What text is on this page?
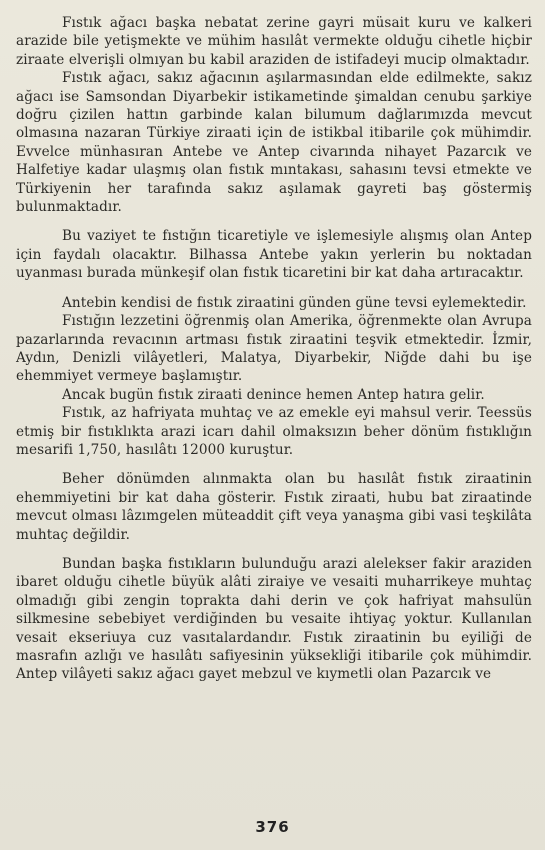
Fıstık ağacı başka nebatat zerine gayri müsait kuru ve kalkeri arazide bile yetişmekte ve mühim hasılât vermekte olduğu cihetle hiçbir ziraate elverişli olmıyan bu kabil araziden de istifadeyi mucip olmaktadır.

Fıstık ağacı, sakız ağacının aşılarmasından elde edilmekte, sakız ağacı ise Samsondan Diyarbekir istikametinde şimaldan cenubu şarkiye doğru çizilen hattın garbinde kalan bilumum dağlarımızda mevcut olmasına nazaran Türkiye ziraati için de istikbal itibarile çok mühimdir. Evvelce münhasıran Antebe ve Antep civarında nihayet Pazarcık ve Halfetiye kadar ulaşmış olan fıstık mıntakası, sahasını tevsi etmekte ve Türkiyenin her tarafında sakız aşılamak gayreti baş göstermiş bulunmaktadır.

Bu vaziyet te fıstığın ticaretiyle ve işlemesiyle alışmış olan Antep için faydalı olacaktır. Bilhassa Antebe yakın yerlerin bu noktadan uyanması burada münkeşif olan fıstık ticaretini bir kat daha artıracaktır.

Antebin kendisi de fıstık ziraatini günden güne tevsi eylemektedir.

Fıstığın lezzetini öğrenmiş olan Amerika, öğrenmekte olan Avrupa pazarlarında revacının artması fıstık ziraatini teşvik etmektedir. İzmir, Aydın, Denizli vilâyetleri, Malatya, Diyarbekir, Niğde dahi bu işe ehemmiyet vermeye başlamıştır.

Ancak bugün fıstık ziraati denince hemen Antep hatıra gelir.

Fıstık, az hafriyata muhtaç ve az emekle eyi mahsul verir. Teessüs etmiş bir fıstıklıkta arazi icarı dahil olmaksızın beher dönüm fıstıklığın mesarifi 1,750, hasılâtı 12000 kuruştur.

Beher dönümden alınmakta olan bu hasılât fıstık ziraatinin ehemmiyetini bir kat daha gösterir. Fıstık ziraati, hubu bat ziraatinde mevcut olması lâzımgelen müteaddit çift veya yanaşma gibi vasi teşkilâta muhtaç değildir.

Bundan başka fıstıkların bulunduğu arazi alelekser fakir araziden ibaret olduğu cihetle büyük alâti ziraiye ve vesaiti muharrikeye muhtaç olmadığı gibi zengin topraktа dahi derin ve çok hafriyat mahsulün silkmesine sebebiyet verdiğinden bu vesaite ihtiyaç yoktur. Kullanılan vesait ekseriuya cuz vasıtalardandır. Fıstık ziraatinin bu eyiliği de masrafın azlığı ve hasılâtı safiyesinin yüksekliği itibarile çok mühimdir. Antep vilâyeti sakız ağacı gayet mebzul ve kıymetli olan Pazarcık ve

376
